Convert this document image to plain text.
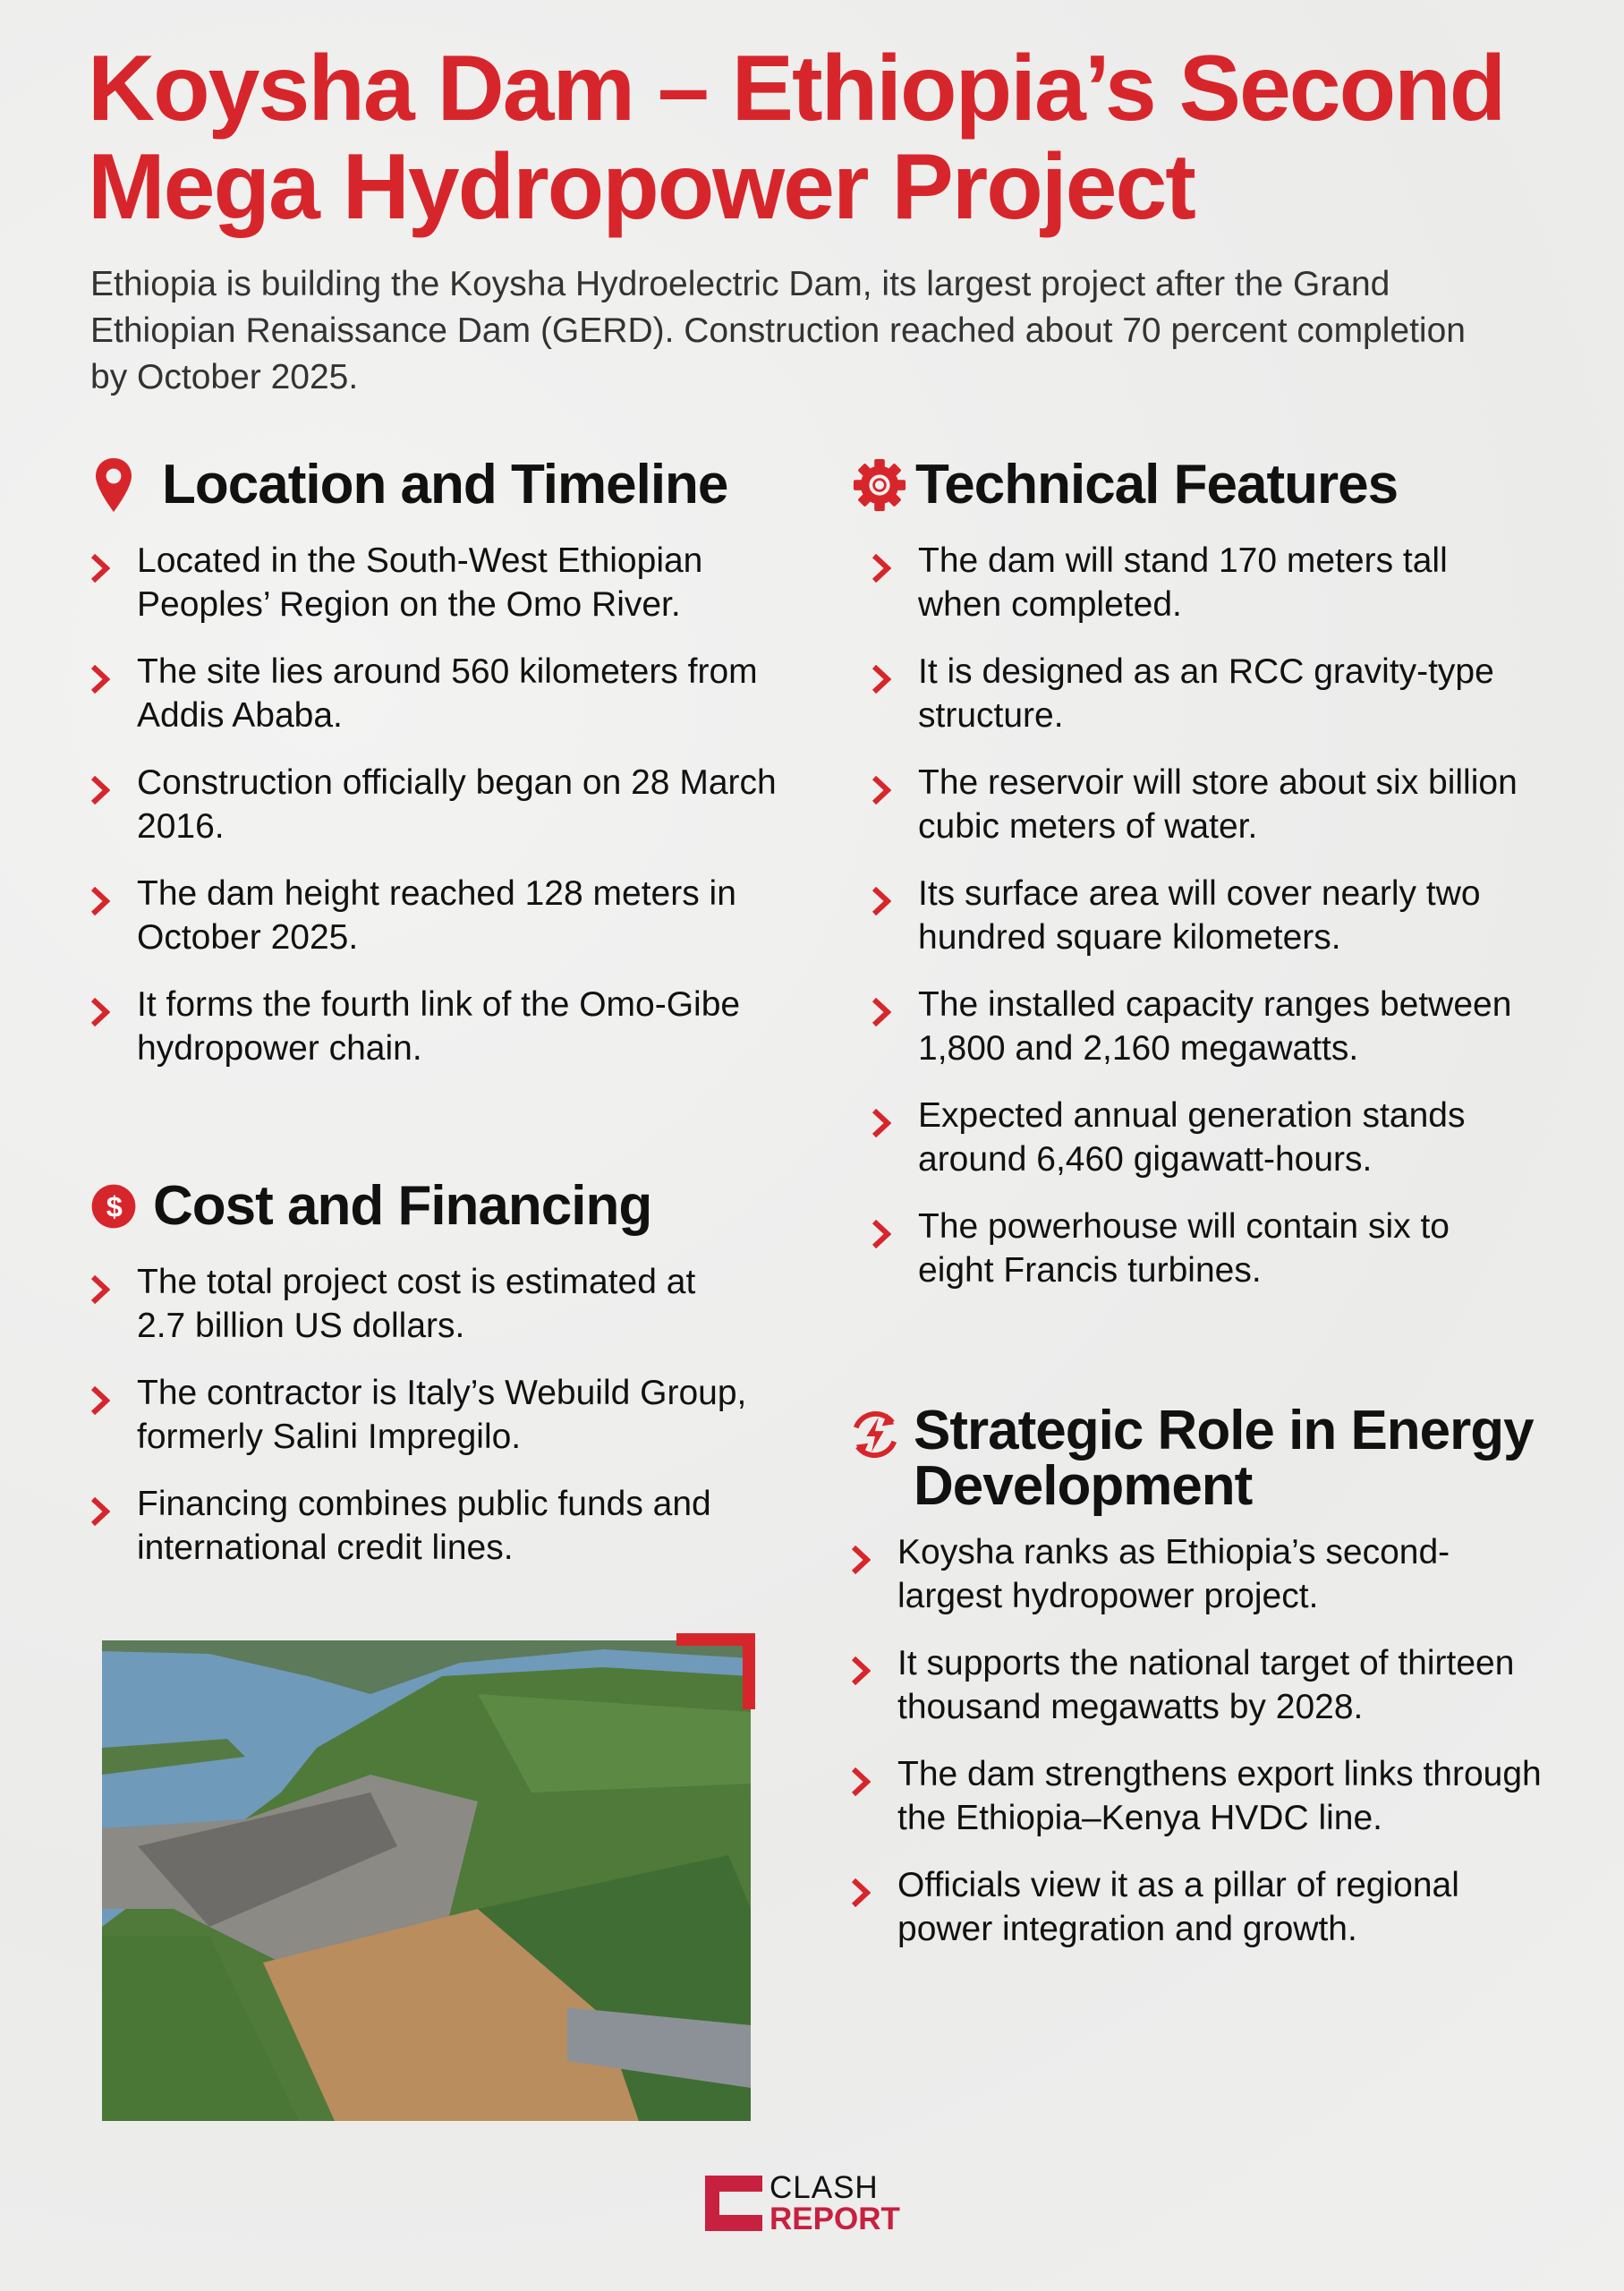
Koysha Dam – Ethiopia’s Second Mega Hydropower Project

Ethiopia is building the Koysha Hydroelectric Dam, its largest project after the Grand Ethiopian Renaissance Dam (GERD). Construction reached about 70 percent completion by October 2025.

Location and Timeline
Located in the South-West Ethiopian Peoples’ Region on the Omo River.
The site lies around 560 kilometers from Addis Ababa.
Construction officially began on 28 March 2016.
The dam height reached 128 meters in October 2025.
It forms the fourth link of the Omo-Gibe hydropower chain.
$ Cost and Financing
The total project cost is estimated at 2.7 billion US dollars.
The contractor is Italy’s Webuild Group, formerly Salini Impregilo.
Financing combines public funds and international credit lines.
Technical Features
The dam will stand 170 meters tall when completed.
It is designed as an RCC gravity-type structure.
The reservoir will store about six billion cubic meters of water.
Its surface area will cover nearly two hundred square kilometers.
The installed capacity ranges between 1,800 and 2,160 megawatts.
Expected annual generation stands around 6,460 gigawatt-hours.
The powerhouse will contain six to eight Francis turbines.
Strategic Role in Energy Development
Koysha ranks as Ethiopia’s second-largest hydropower project.
It supports the national target of thirteen thousand megawatts by 2028.
The dam strengthens export links through the Ethiopia–Kenya HVDC line.
Officials view it as a pillar of regional power integration and growth.
CLASH
REPORT
